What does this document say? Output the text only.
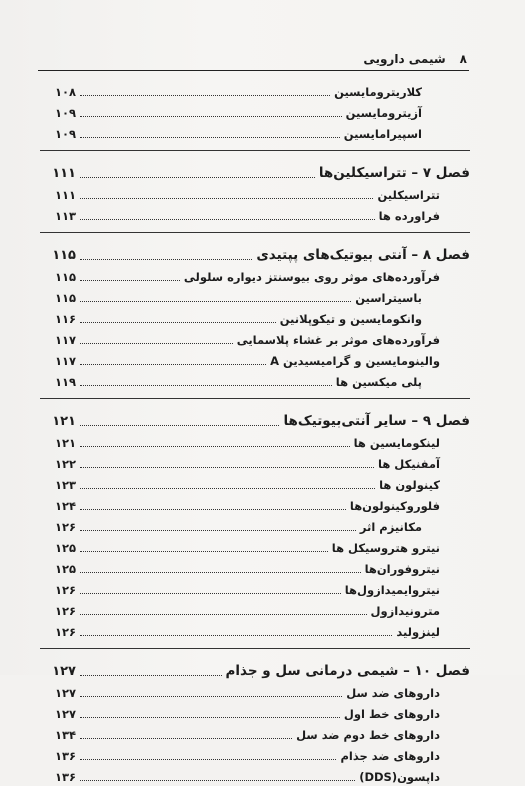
۸
شیمی دارویی
کلاریترومایسین
۱۰۸
آزیترومایسین
۱۰۹
اسپیرامایسین
۱۰۹
فصل ۷ – تتراسیکلین‌ها
۱۱۱
تتراسیکلین
۱۱۱
فراورده ها
۱۱۳
فصل ۸ – آنتی بیوتیک‌های پپتیدی
۱۱۵
فرآورده‌های موثر روی بیوسنتز دیواره سلولی
۱۱۵
باسیتراسین
۱۱۵
وانکومایسین و تیکوپلانین
۱۱۶
فرآورده‌های موثر بر غشاء پلاسمایی
۱۱۷
والینومایسین و گرامیسیدین A
۱۱۷
پلی میکسین ها
۱۱۹
فصل ۹ – سایر آنتی‌بیوتیک‌ها
۱۲۱
لینکومایسین ها
۱۲۱
آمفنیکل ها
۱۲۲
کینولون ها
۱۲۳
فلوروکینولون‌ها
۱۲۴
مکانیزم اثر
۱۲۶
نیترو هتروسیکل ها
۱۲۵
نیتروفوران‌ها
۱۲۵
نیترو‌ایمیدازول‌ها
۱۲۶
مترونیدازول
۱۲۶
لینزولید
۱۲۶
فصل ۱۰ – شیمی درمانی سل و جذام
۱۲۷
داروهای ضد سل
۱۲۷
داروهای خط اول
۱۲۷
داروهای خط دوم ضد سل
۱۳۴
داروهای ضد جذام
۱۳۶
داپسون(DDS)
۱۳۶
